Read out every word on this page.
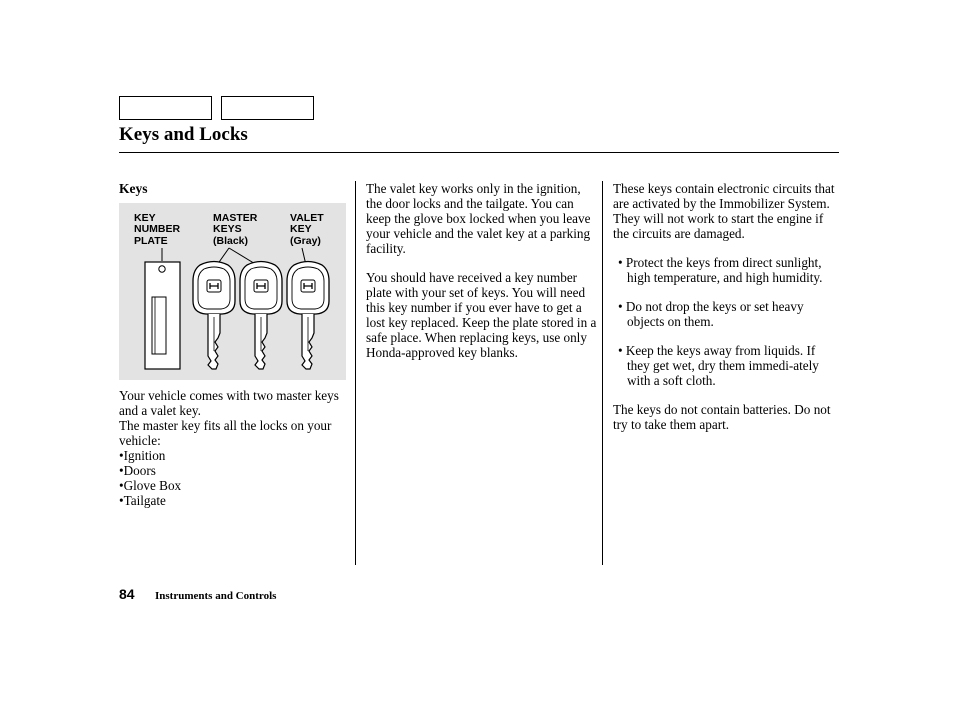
Keys and Locks

Keys

KEY
NUMBER
PLATE
MASTER
KEYS
(Black)
VALET
KEY
(Gray)

Your vehicle comes with two master keys and a valet key.

The master key fits all the locks on your vehicle:

•Ignition

•Doors

•Glove Box

•Tailgate

The valet key works only in the ignition, the door locks and the tailgate. You can keep the glove box locked when you leave your vehicle and the valet key at a parking facility.

You should have received a key number plate with your set of keys. You will need this key number if you ever have to get a lost key replaced. Keep the plate stored in a safe place. When replacing keys, use only Honda-approved key blanks.

These keys contain electronic circuits that are activated by the Immobilizer System. They will not work to start the engine if the circuits are damaged.

• Protect the keys from direct sunlight, high temperature, and high humidity.

• Do not drop the keys or set heavy objects on them.

• Keep the keys away from liquids. If they get wet, dry them immedi-ately with a soft cloth.

The keys do not contain batteries. Do not try to take them apart.

84 Instruments and Controls
